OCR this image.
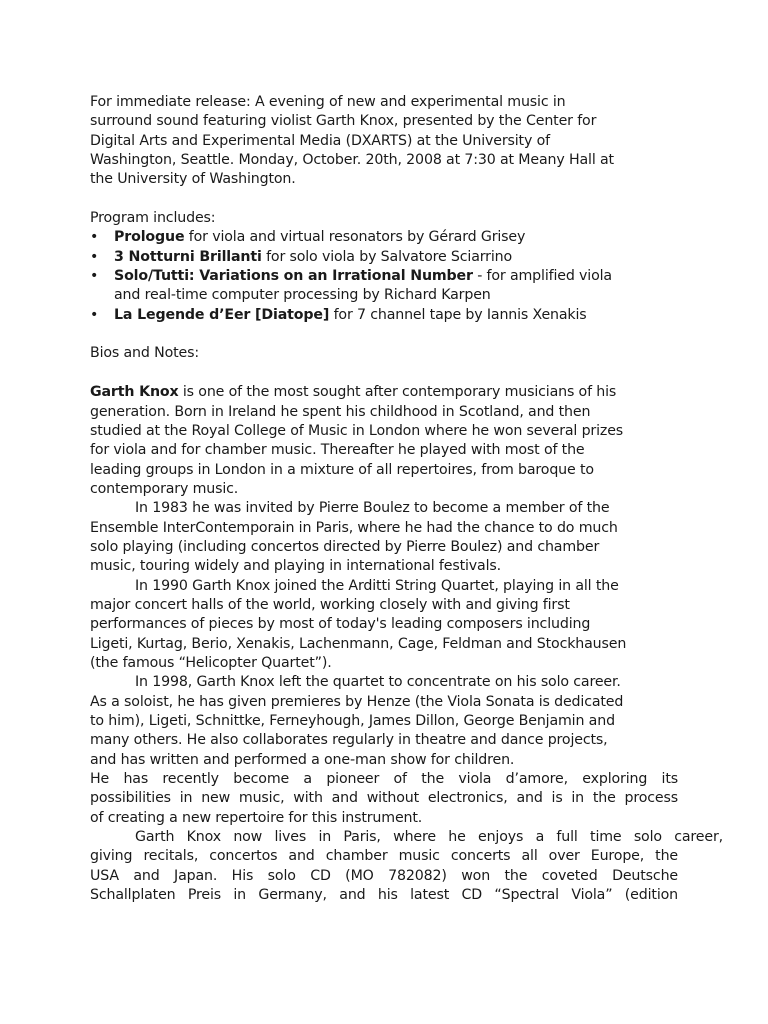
For immediate release: A evening of new and experimental music in
surround sound featuring violist Garth Knox, presented by the Center for
Digital Arts and Experimental Media (DXARTS) at the University of
Washington, Seattle. Monday, October. 20th, 2008 at 7:30 at Meany Hall at
the University of Washington.
Program includes:
• Prologue for viola and virtual resonators by Gérard Grisey
• 3 Notturni Brillanti for solo viola by Salvatore Sciarrino
• Solo/Tutti: Variations on an Irrational Number - for amplified viola
and real-time computer processing by Richard Karpen
• La Legende d’Eer [Diatope] for 7 channel tape by Iannis Xenakis
Bios and Notes:
Garth Knox is one of the most sought after contemporary musicians of his
generation. Born in Ireland he spent his childhood in Scotland, and then
studied at the Royal College of Music in London where he won several prizes
for viola and for chamber music. Thereafter he played with most of the
leading groups in London in a mixture of all repertoires, from baroque to
contemporary music.
In 1983 he was invited by Pierre Boulez to become a member of the
Ensemble InterContemporain in Paris, where he had the chance to do much
solo playing (including concertos directed by Pierre Boulez) and chamber
music, touring widely and playing in international festivals.
In 1990 Garth Knox joined the Arditti String Quartet, playing in all the
major concert halls of the world, working closely with and giving first
performances of pieces by most of today's leading composers including
Ligeti, Kurtag, Berio, Xenakis, Lachenmann, Cage, Feldman and Stockhausen
(the famous “Helicopter Quartet”).
In 1998, Garth Knox left the quartet to concentrate on his solo career.
As a soloist, he has given premieres by Henze (the Viola Sonata is dedicated
to him), Ligeti, Schnittke, Ferneyhough, James Dillon, George Benjamin and
many others. He also collaborates regularly in theatre and dance projects,
and has written and performed a one-man show for children.
He has recently become a pioneer of the viola d’amore, exploring its
possibilities in new music, with and without electronics, and is in the process
of creating a new repertoire for this instrument.
Garth Knox now lives in Paris, where he enjoys a full time solo career,
giving recitals, concertos and chamber music concerts all over Europe, the
USA and Japan. His solo CD (MO 782082) won the coveted Deutsche
Schallplaten Preis in Germany, and his latest CD “Spectral Viola” (edition
